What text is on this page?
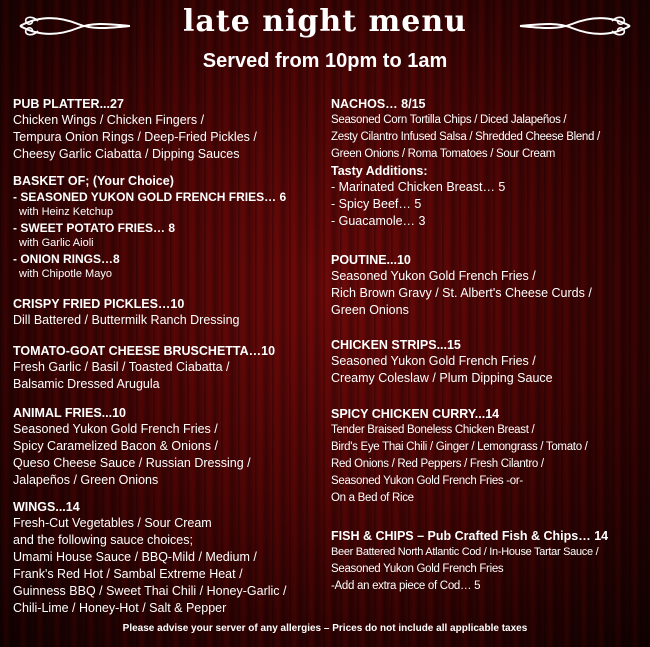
late night menu
Served from 10pm to 1am
PUB PLATTER...27
Chicken Wings / Chicken Fingers /
Tempura Onion Rings / Deep-Fried Pickles /
Cheesy Garlic Ciabatta / Dipping Sauces
BASKET OF; (Your Choice)
- SEASONED YUKON GOLD FRENCH FRIES… 6
with Heinz Ketchup
- SWEET POTATO FRIES… 8
with Garlic Aioli
- ONION RINGS…8
with Chipotle Mayo
CRISPY FRIED PICKLES…10
Dill Battered / Buttermilk Ranch Dressing
TOMATO-GOAT CHEESE BRUSCHETTA…10
Fresh Garlic / Basil / Toasted Ciabatta /
Balsamic Dressed Arugula
ANIMAL FRIES...10
Seasoned Yukon Gold French Fries /
Spicy Caramelized Bacon & Onions /
Queso Cheese Sauce / Russian Dressing /
Jalapeños / Green Onions
WINGS...14
Fresh-Cut Vegetables / Sour Cream
and the following sauce choices;
Umami House Sauce / BBQ-Mild / Medium /
Frank's Red Hot / Sambal Extreme Heat /
Guinness BBQ / Sweet Thai Chili / Honey-Garlic /
Chili-Lime / Honey-Hot / Salt & Pepper
NACHOS… 8/15
Seasoned Corn Tortilla Chips / Diced Jalapeños /
Zesty Cilantro Infused Salsa / Shredded Cheese Blend /
Green Onions / Roma Tomatoes / Sour Cream
Tasty Additions:
- Marinated Chicken Breast… 5
- Spicy Beef… 5
- Guacamole… 3
POUTINE...10
Seasoned Yukon Gold French Fries /
Rich Brown Gravy / St. Albert's Cheese Curds /
Green Onions
CHICKEN STRIPS...15
Seasoned Yukon Gold French Fries /
Creamy Coleslaw / Plum Dipping Sauce
SPICY CHICKEN CURRY...14
Tender Braised Boneless Chicken Breast /
Bird's Eye Thai Chili / Ginger / Lemongrass / Tomato /
Red Onions / Red Peppers / Fresh Cilantro /
Seasoned Yukon Gold French Fries -or-
On a Bed of Rice
FISH & CHIPS – Pub Crafted Fish & Chips… 14
Beer Battered North Atlantic Cod / In-House Tartar Sauce /
Seasoned Yukon Gold French Fries
-Add an extra piece of Cod… 5
Please advise your server of any allergies – Prices do not include all applicable taxes
